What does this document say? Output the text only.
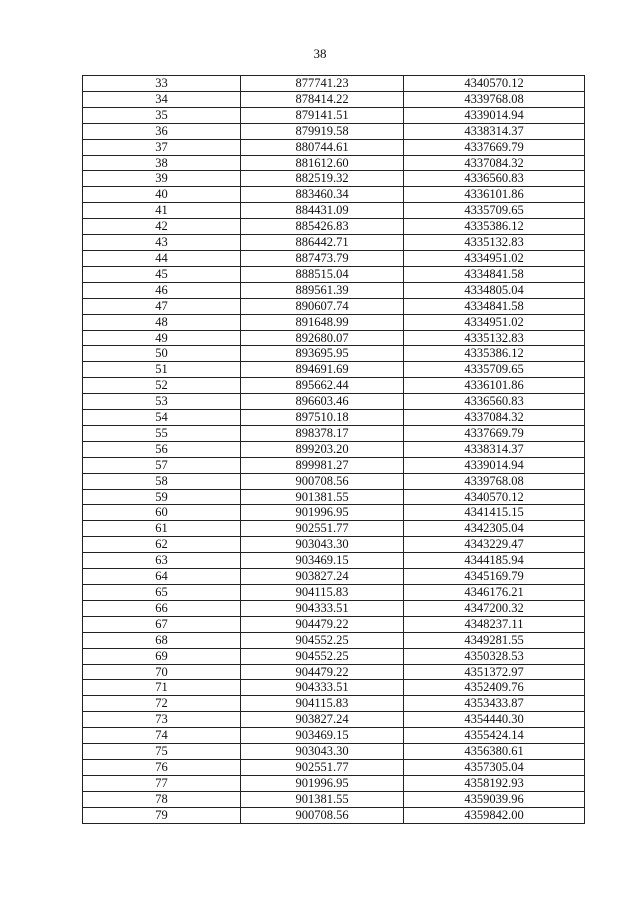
38
33	877741.23	4340570.12
34	878414.22	4339768.08
35	879141.51	4339014.94
36	879919.58	4338314.37
37	880744.61	4337669.79
38	881612.60	4337084.32
39	882519.32	4336560.83
40	883460.34	4336101.86
41	884431.09	4335709.65
42	885426.83	4335386.12
43	886442.71	4335132.83
44	887473.79	4334951.02
45	888515.04	4334841.58
46	889561.39	4334805.04
47	890607.74	4334841.58
48	891648.99	4334951.02
49	892680.07	4335132.83
50	893695.95	4335386.12
51	894691.69	4335709.65
52	895662.44	4336101.86
53	896603.46	4336560.83
54	897510.18	4337084.32
55	898378.17	4337669.79
56	899203.20	4338314.37
57	899981.27	4339014.94
58	900708.56	4339768.08
59	901381.55	4340570.12
60	901996.95	4341415.15
61	902551.77	4342305.04
62	903043.30	4343229.47
63	903469.15	4344185.94
64	903827.24	4345169.79
65	904115.83	4346176.21
66	904333.51	4347200.32
67	904479.22	4348237.11
68	904552.25	4349281.55
69	904552.25	4350328.53
70	904479.22	4351372.97
71	904333.51	4352409.76
72	904115.83	4353433.87
73	903827.24	4354440.30
74	903469.15	4355424.14
75	903043.30	4356380.61
76	902551.77	4357305.04
77	901996.95	4358192.93
78	901381.55	4359039.96
79	900708.56	4359842.00
